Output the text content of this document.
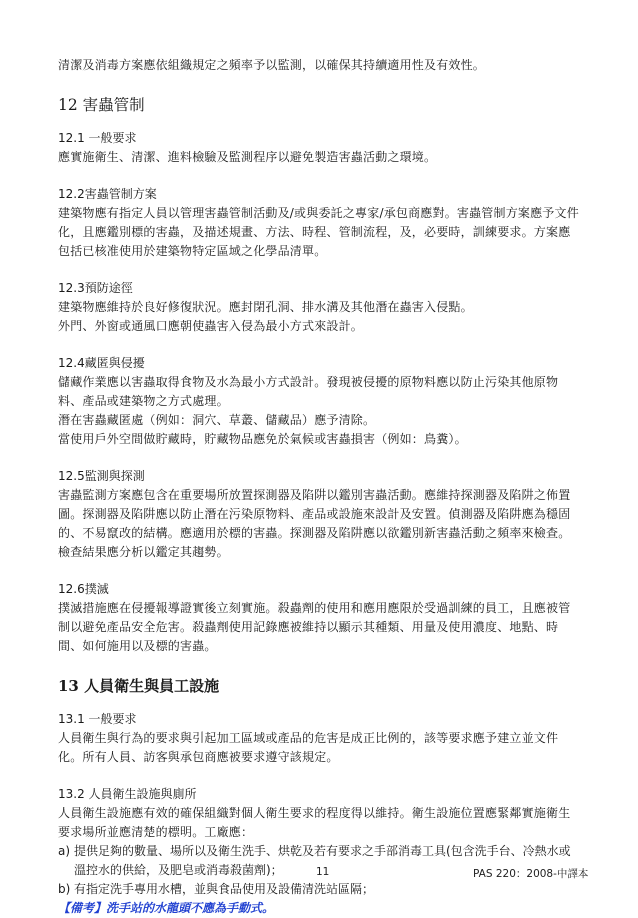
清潔及消毒方案應依組織規定之頻率予以監測，以確保其持續適用性及有效性。

12 害蟲管制

12.1 一般要求

應實施衛生、清潔、進料檢驗及監測程序以避免製造害蟲活動之環境。

12.2害蟲管制方案

建築物應有指定人員以管理害蟲管制活動及/或與委託之專家/承包商應對。害蟲管制方案應予文件化，且應鑑別標的害蟲，及描述規畫、方法、時程、管制流程，及，必要時，訓練要求。方案應包括已核准使用於建築物特定區域之化學品清單。

12.3預防途徑

建築物應維持於良好修復狀況。應封閉孔洞、排水溝及其他潛在蟲害入侵點。

外門、外窗或通風口應朝使蟲害入侵為最小方式來設計。

12.4藏匿與侵擾

儲藏作業應以害蟲取得食物及水為最小方式設計。發現被侵擾的原物料應以防止污染其他原物料、產品或建築物之方式處理。

潛在害蟲藏匿處（例如：洞穴、草叢、儲藏品）應予清除。

當使用戶外空間做貯藏時，貯藏物品應免於氣候或害蟲損害（例如：鳥糞）。

12.5監測與探測

害蟲監測方案應包含在重要場所放置探測器及陷阱以鑑別害蟲活動。應維持探測器及陷阱之佈置圖。探測器及陷阱應以防止潛在污染原物料、產品或設施來設計及安置。偵測器及陷阱應為穩固的、不易竄改的結構。應適用於標的害蟲。探測器及陷阱應以欲鑑別新害蟲活動之頻率來檢查。檢查結果應分析以鑑定其趨勢。

12.6撲滅

撲滅措施應在侵擾報導證實後立刻實施。殺蟲劑的使用和應用應限於受過訓練的員工，且應被管制以避免產品安全危害。殺蟲劑使用記錄應被維持以顯示其種類、用量及使用濃度、地點、時間、如何施用以及標的害蟲。

13 人員衛生與員工設施

13.1 一般要求

人員衛生與行為的要求與引起加工區域或產品的危害是成正比例的，該等要求應予建立並文件化。所有人員、訪客與承包商應被要求遵守該規定。

13.2 人員衛生設施與廁所

人員衛生設施應有效的確保組織對個人衛生要求的程度得以維持。衛生設施位置應緊鄰實施衛生要求場所並應清楚的標明。工廠應：

a) 提供足夠的數量、場所以及衛生洗手、烘乾及若有要求之手部消毒工具(包含洗手台、冷熱水或溫控水的供給，及肥皂或消毒殺菌劑)；
b) 有指定洗手專用水槽，並與食品使用及設備清洗站區隔；

【備考】洗手站的水龍頭不應為手動式。

11	PAS 220：2008-中譯本
